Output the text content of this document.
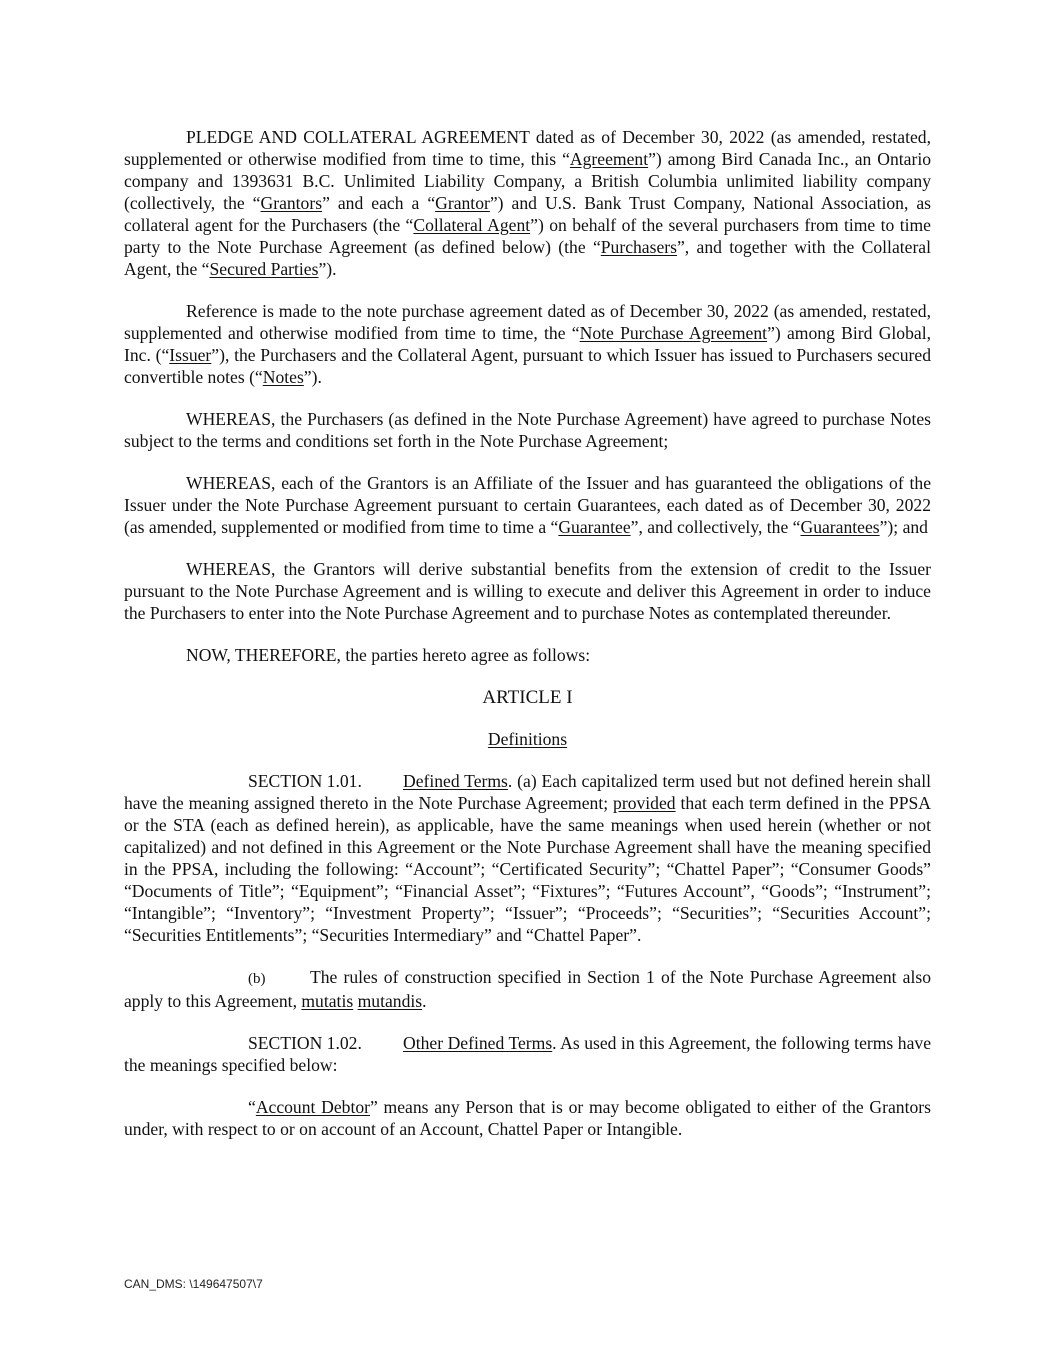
PLEDGE AND COLLATERAL AGREEMENT dated as of December 30, 2022 (as amended, restated, supplemented or otherwise modified from time to time, this “Agreement”) among Bird Canada Inc., an Ontario company and 1393631 B.C. Unlimited Liability Company, a British Columbia unlimited liability company (collectively, the “Grantors” and each a “Grantor”) and U.S. Bank Trust Company, National Association, as collateral agent for the Purchasers (the “Collateral Agent”) on behalf of the several purchasers from time to time party to the Note Purchase Agreement (as defined below) (the “Purchasers”, and together with the Collateral Agent, the “Secured Parties”).

Reference is made to the note purchase agreement dated as of December 30, 2022 (as amended, restated, supplemented and otherwise modified from time to time, the “Note Purchase Agreement”) among Bird Global, Inc. (“Issuer”), the Purchasers and the Collateral Agent, pursuant to which Issuer has issued to Purchasers secured convertible notes (“Notes”).

WHEREAS, the Purchasers (as defined in the Note Purchase Agreement) have agreed to purchase Notes subject to the terms and conditions set forth in the Note Purchase Agreement;

WHEREAS, each of the Grantors is an Affiliate of the Issuer and has guaranteed the obligations of the Issuer under the Note Purchase Agreement pursuant to certain Guarantees, each dated as of December 30, 2022 (as amended, supplemented or modified from time to time a “Guarantee”, and collectively, the “Guarantees”); and

WHEREAS, the Grantors will derive substantial benefits from the extension of credit to the Issuer pursuant to the Note Purchase Agreement and is willing to execute and deliver this Agreement in order to induce the Purchasers to enter into the Note Purchase Agreement and to purchase Notes as contemplated thereunder.

NOW, THEREFORE, the parties hereto agree as follows:

ARTICLE I
Definitions

SECTION 1.01. Defined Terms. (a) Each capitalized term used but not defined herein shall have the meaning assigned thereto in the Note Purchase Agreement; provided that each term defined in the PPSA or the STA (each as defined herein), as applicable, have the same meanings when used herein (whether or not capitalized) and not defined in this Agreement or the Note Purchase Agreement shall have the meaning specified in the PPSA, including the following: “Account”; “Certificated Security”; “Chattel Paper”; “Consumer Goods” “Documents of Title”; “Equipment”; “Financial Asset”; “Fixtures”; “Futures Account”, “Goods”; “Instrument”; “Intangible”; “Inventory”; “Investment Property”; “Issuer”; “Proceeds”; “Securities”; “Securities Account”; “Securities Entitlements”; “Securities Intermediary” and “Chattel Paper”.

(b)	The rules of construction specified in Section 1 of the Note Purchase Agreement also apply to this Agreement, mutatis mutandis.

SECTION 1.02. Other Defined Terms. As used in this Agreement, the following terms have the meanings specified below:

“Account Debtor” means any Person that is or may become obligated to either of the Grantors under, with respect to or on account of an Account, Chattel Paper or Intangible.

CAN_DMS: \149647507\7
